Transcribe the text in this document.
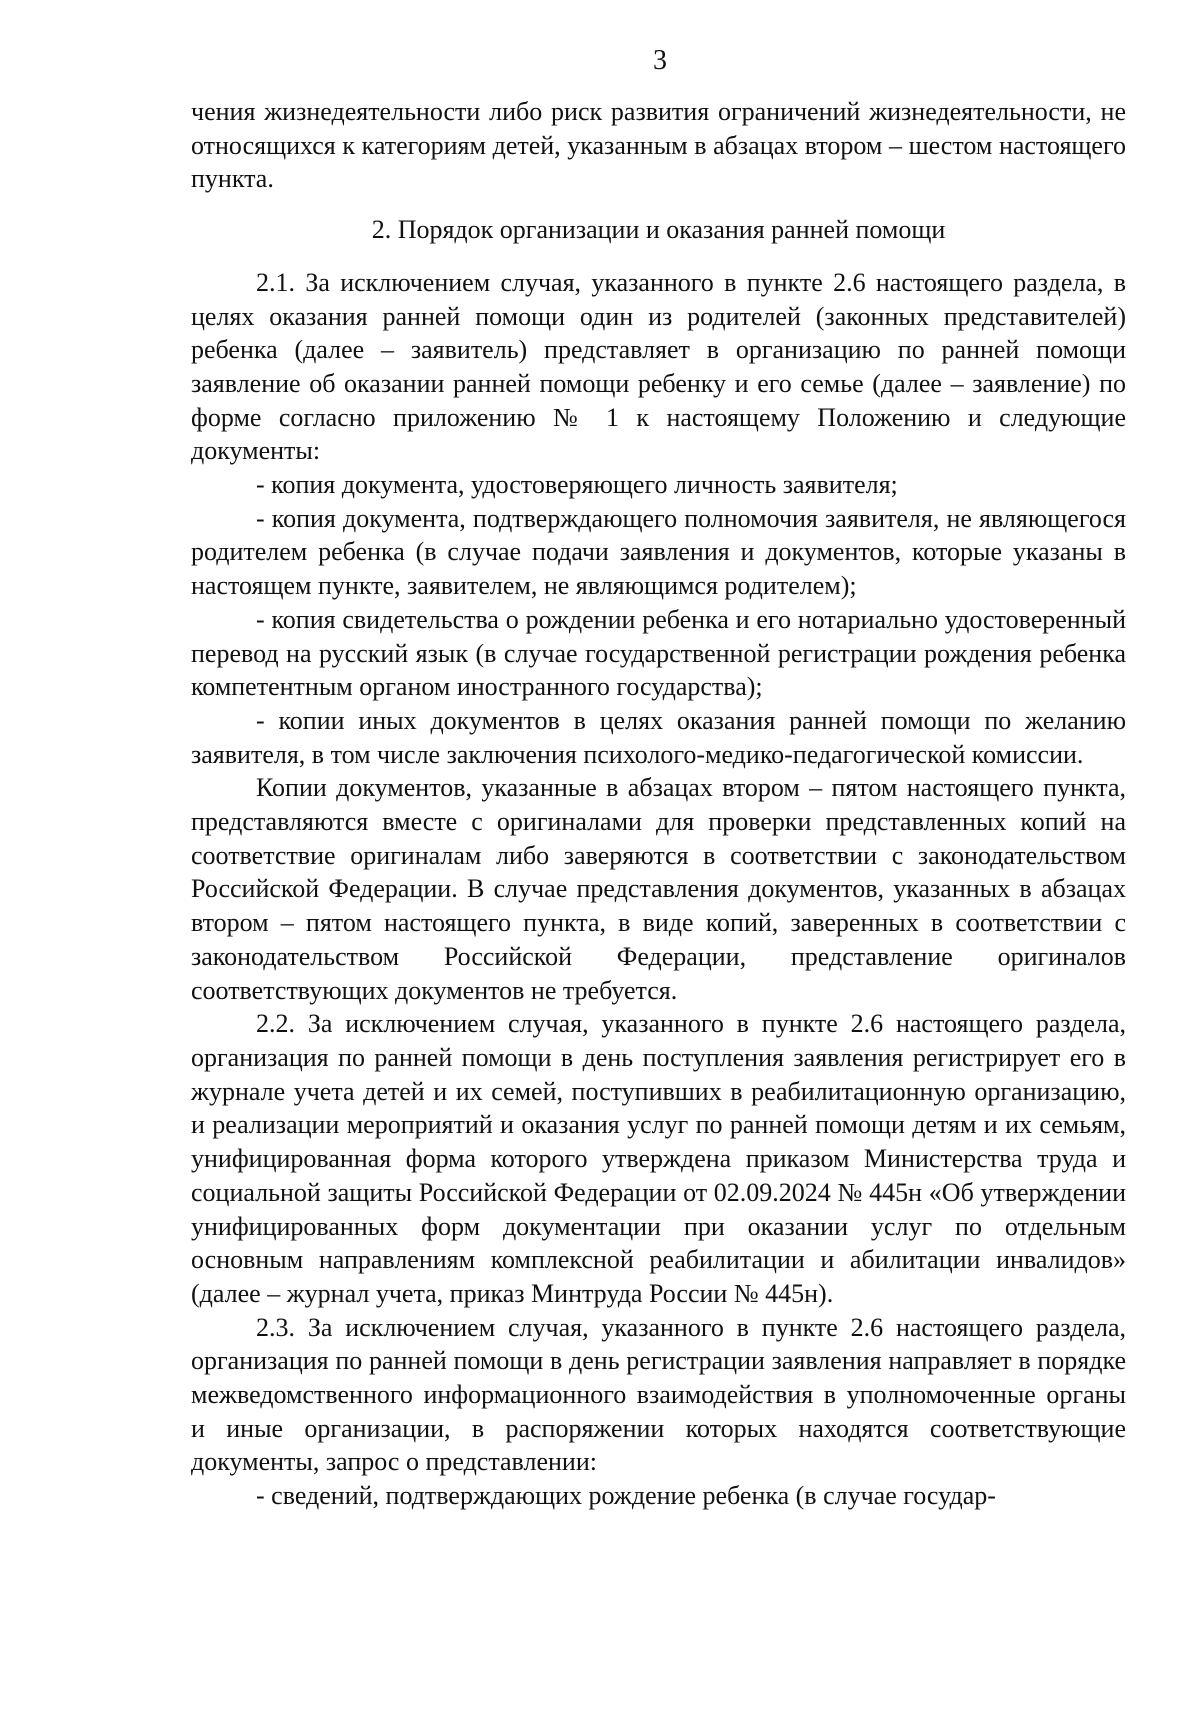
3

чения жизнедеятельности либо риск развития ограничений жизнедеятельности, не относящихся к категориям детей, указанным в абзацах втором – шестом настоящего пункта.

2. Порядок организации и оказания ранней помощи

2.1. За исключением случая, указанного в пункте 2.6 настоящего раздела, в целях оказания ранней помощи один из родителей (законных представителей) ребенка (далее – заявитель) представляет в организацию по ранней помощи заявление об оказании ранней помощи ребенку и его семье (далее – заявление) по форме согласно приложению № 1 к настоящему Положению и следующие документы:

- копия документа, удостоверяющего личность заявителя;

- копия документа, подтверждающего полномочия заявителя, не являющегося родителем ребенка (в случае подачи заявления и документов, которые указаны в настоящем пункте, заявителем, не являющимся родителем);

- копия свидетельства о рождении ребенка и его нотариально удостоверенный перевод на русский язык (в случае государственной регистрации рождения ребенка компетентным органом иностранного государства);

- копии иных документов в целях оказания ранней помощи по желанию заявителя, в том числе заключения психолого-медико-педагогической комиссии.

Копии документов, указанные в абзацах втором – пятом настоящего пункта, представляются вместе с оригиналами для проверки представленных копий на соответствие оригиналам либо заверяются в соответствии с законодательством Российской Федерации. В случае представления документов, указанных в абзацах втором – пятом настоящего пункта, в виде копий, заверенных в соответствии с законодательством Российской Федерации, представление оригиналов соответствующих документов не требуется.

2.2. За исключением случая, указанного в пункте 2.6 настоящего раздела, организация по ранней помощи в день поступления заявления регистрирует его в журнале учета детей и их семей, поступивших в реабилитационную организацию, и реализации мероприятий и оказания услуг по ранней помощи детям и их семьям, унифицированная форма которого утверждена приказом Министерства труда и социальной защиты Российской Федерации от 02.09.2024 № 445н «Об утверждении унифицированных форм документации при оказании услуг по отдельным основным направлениям комплексной реабилитации и абилитации инвалидов» (далее – журнал учета, приказ Минтруда России № 445н).

2.3. За исключением случая, указанного в пункте 2.6 настоящего раздела, организация по ранней помощи в день регистрации заявления направляет в порядке межведомственного информационного взаимодействия в уполномоченные органы и иные организации, в распоряжении которых находятся соответствующие документы, запрос о представлении:

- сведений, подтверждающих рождение ребенка (в случае государ-
